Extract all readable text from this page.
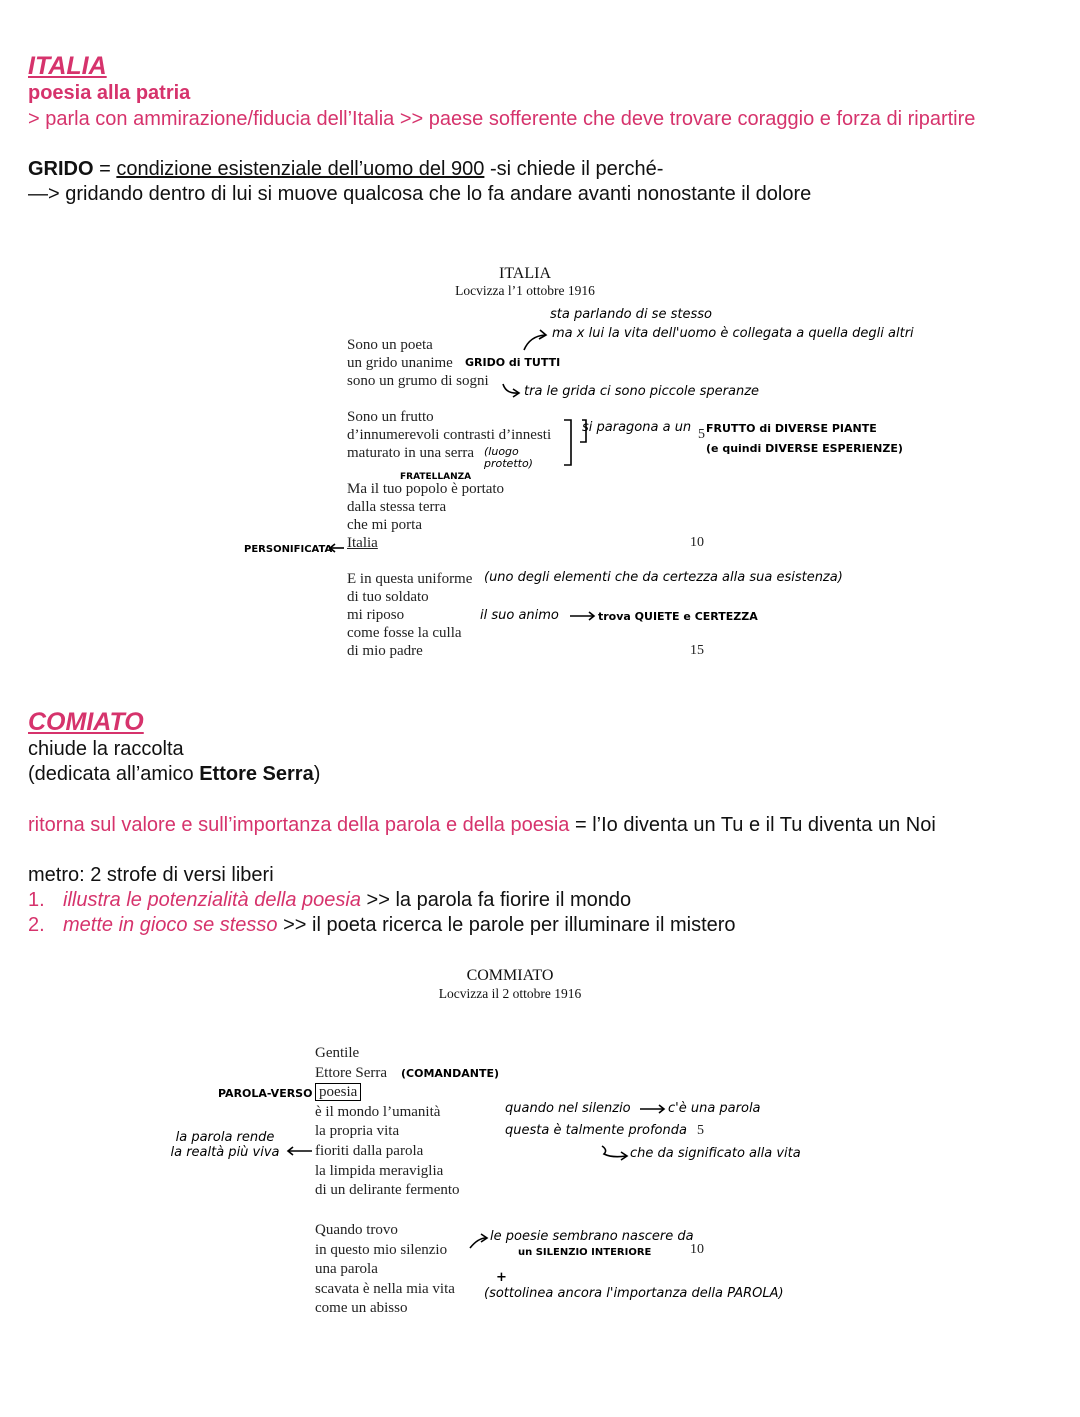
ITALIA
poesia alla patria
> parla con ammirazione/fiducia dell’Italia >> paese sofferente che deve trovare coraggio e forza di ripartire
GRIDO = condizione esistenziale dell’uomo del 900 -si chiede il perché-
—> gridando dentro di lui si muove qualcosa che lo fa andare avanti nonostante il dolore
ITALIA
Locvizza l’1 ottobre 1916
Sono un poeta
un grido unanime
sono un grumo di sogni
Sono un frutto
d’innumerevoli contrasti d’innesti
maturato in una serra
Ma il tuo popolo è portato
dalla stessa terra
che mi porta
Italia
E in questa uniforme
di tuo soldato
mi riposo
come fosse la culla
di mio padre
5
10
15
sta parlando di se stesso
ma x lui la vita dell'uomo è collegata a quella degli altri
GRIDO di TUTTI
tra le grida ci sono piccole speranze
si paragona a un FRUTTO di DIVERSE PIANTE
(e quindi DIVERSE ESPERIENZE)
(luogo protetto)
FRATELLANZA
PERSONIFICATA
(uno degli elementi che da certezza alla sua esistenza)
il suo animo	trova QUIETE e CERTEZZA
COMIATO
chiude la raccolta
(dedicata all’amico Ettore Serra)
ritorna sul valore e sull’importanza della parola e della poesia = l’Io diventa un Tu e il Tu diventa un Noi
metro: 2 strofe di versi liberi
1. illustra le potenzialità della poesia >> la parola fa fiorire il mondo
2. mette in gioco se stesso >> il poeta ricerca le parole per illuminare il mistero
COMMIATO
Locvizza il 2 ottobre 1916
Gentile
Ettore Serra
poesia
è il mondo l’umanità
la propria vita
fioriti dalla parola
la limpida meraviglia
di un delirante fermento
Quando trovo
in questo mio silenzio
una parola
scavata è nella mia vita
come un abisso
5
10
(COMANDANTE)
PAROLA-VERSO
quando nel silenzio	c'è una parola
questa è talmente profonda
che da significato alla vita
la parola rende la realtà più viva
le poesie sembrano nascere da
un SILENZIO INTERIORE
+
(sottolinea ancora l'importanza della PAROLA)
